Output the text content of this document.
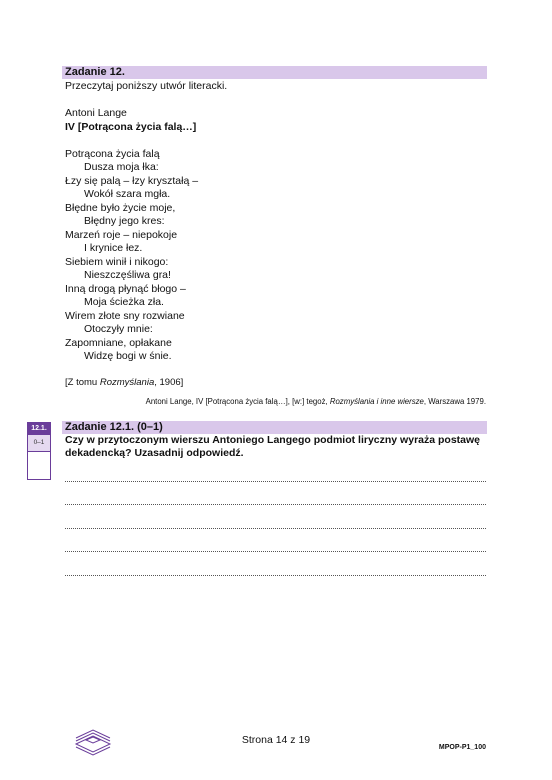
Zadanie 12.
Przeczytaj poniższy utwór literacki.
Antoni Lange
IV [Potrącona życia falą…]
Potrącona życia falą
Dusza moja łka:
Łzy się palą – łzy kryształą –
Wokół szara mgła.
Błędne było życie moje,
Błędny jego kres:
Marzeń roje – niepokoje
I krynice łez.
Siebiem winił i nikogo:
Nieszczęśliwa gra!
Inną drogą płynąć błogo –
Moja ścieżka zła.
Wirem złote sny rozwiane
Otoczyły mnie:
Zapomniane, opłakane
Widzę bogi w śnie.
[Z tomu Rozmyślania, 1906]
Antoni Lange, IV [Potrącona życia falą…], [w:] tegoż, Rozmyślania i inne wiersze, Warszawa 1979.
12.1.
0–1
Zadanie 12.1. (0–1)
Czy w przytoczonym wierszu Antoniego Langego podmiot liryczny wyraża postawę dekadencką? Uzasadnij odpowiedź.
Strona 14 z 19
MPOP-P1_100
